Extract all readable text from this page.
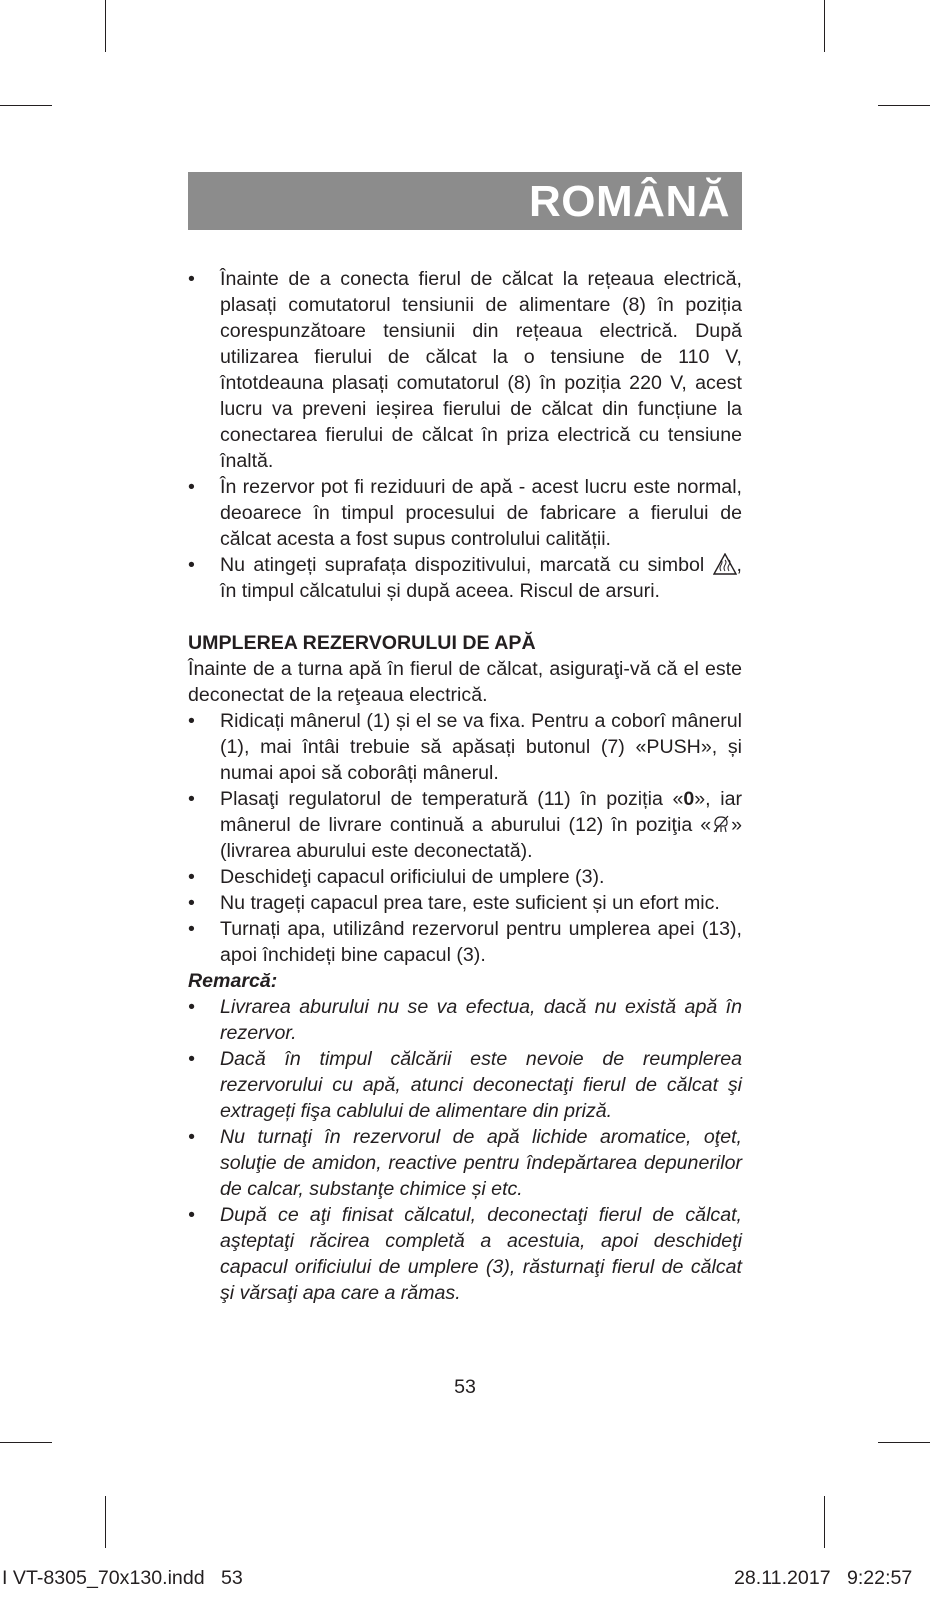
ROMÂNĂ
• Înainte de a conecta fierul de călcat la rețeaua electrică, plasați comutatorul tensiunii de alimentare (8) în poziția corespunzătoare tensiunii din rețeaua electrică. După utilizarea fierului de călcat la o tensiune de 110 V, întotdeauna plasați comutatorul (8) în poziția 220 V, acest lucru va preveni ieșirea fierului de călcat din funcțiune la conectarea fierului de călcat în priza electrică cu tensiune înaltă.
• În rezervor pot fi reziduuri de apă - acest lucru este normal, deoarece în timpul procesului de fabricare a fierului de călcat acesta a fost supus controlului calității.
• Nu atingeți suprafața dispozitivului, marcată cu simbol , în timpul călcatului și după aceea. Riscul de arsuri.
UMPLEREA REZERVORULUI DE APĂ
Înainte de a turna apă în fierul de călcat, asiguraţi-vă că el este deconectat de la reţeaua electrică.
• Ridicați mânerul (1) și el se va fixa. Pentru a coborî mânerul (1), mai întâi trebuie să apăsați butonul (7) «PUSH», și numai apoi să coborâți mânerul.
• Plasaţi regulatorul de temperatură (11) în poziția «0», iar mânerul de livrare continuă a aburului (12) în poziţia « » (livrarea aburului este deconectată).
• Deschideţi capacul orificiului de umplere (3).
• Nu trageți capacul prea tare, este suficient și un efort mic.
• Turnați apa, utilizând rezervorul pentru umplerea apei (13), apoi închideți bine capacul (3).
Remarcă:
• Livrarea aburului nu se va efectua, dacă nu există apă în rezervor.
• Dacă în timpul călcării este nevoie de reumplerea rezervorului cu apă, atunci deconectaţi fierul de călcat şi extrageți fişa cablului de alimentare din priză.
• Nu turnaţi în rezervorul de apă lichide aromatice, oţet, soluţie de amidon, reactive pentru îndepărtarea depunerilor de calcar, substanţe chimice și etc.
• După ce aţi finisat călcatul, deconectaţi fierul de călcat, aşteptaţi răcirea completă a acestuia, apoi deschideţi capacul orificiului de umplere (3), răsturnaţi fierul de călcat şi vărsaţi apa care a rămas.
53
I VT-8305_70x130.indd   53	28.11.2017   9:22:57
